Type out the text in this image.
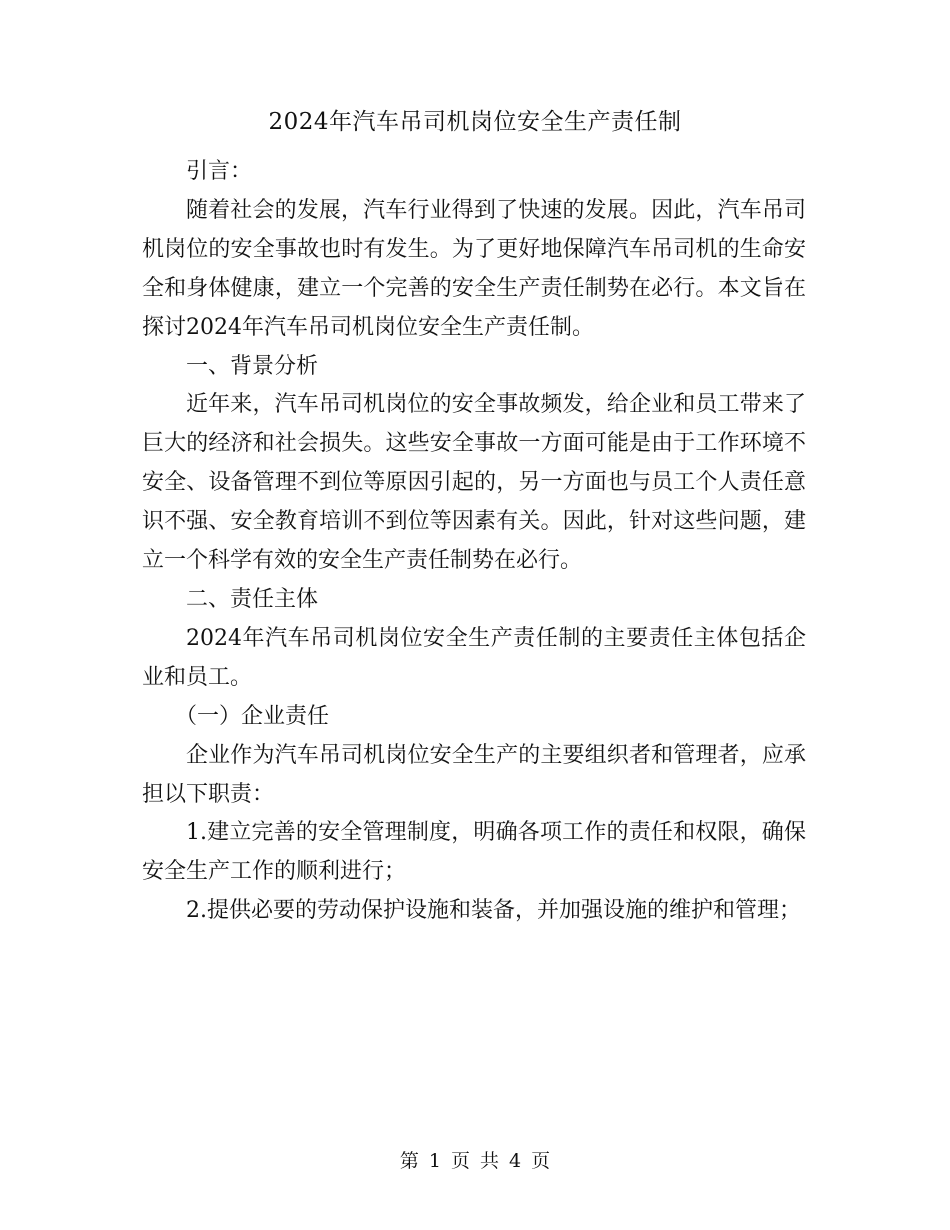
2024年汽车吊司机岗位安全生产责任制

引言：

随着社会的发展，汽车行业得到了快速的发展。因此，汽车吊司机岗位的安全事故也时有发生。为了更好地保障汽车吊司机的生命安全和身体健康，建立一个完善的安全生产责任制势在必行。本文旨在探讨2024年汽车吊司机岗位安全生产责任制。

一、背景分析

近年来，汽车吊司机岗位的安全事故频发，给企业和员工带来了巨大的经济和社会损失。这些安全事故一方面可能是由于工作环境不安全、设备管理不到位等原因引起的，另一方面也与员工个人责任意识不强、安全教育培训不到位等因素有关。因此，针对这些问题，建立一个科学有效的安全生产责任制势在必行。

二、责任主体

2024年汽车吊司机岗位安全生产责任制的主要责任主体包括企业和员工。

（一）企业责任

企业作为汽车吊司机岗位安全生产的主要组织者和管理者，应承担以下职责：

1.建立完善的安全管理制度，明确各项工作的责任和权限，确保安全生产工作的顺利进行；

2.提供必要的劳动保护设施和装备，并加强设施的维护和管理；

第 1 页 共 4 页
